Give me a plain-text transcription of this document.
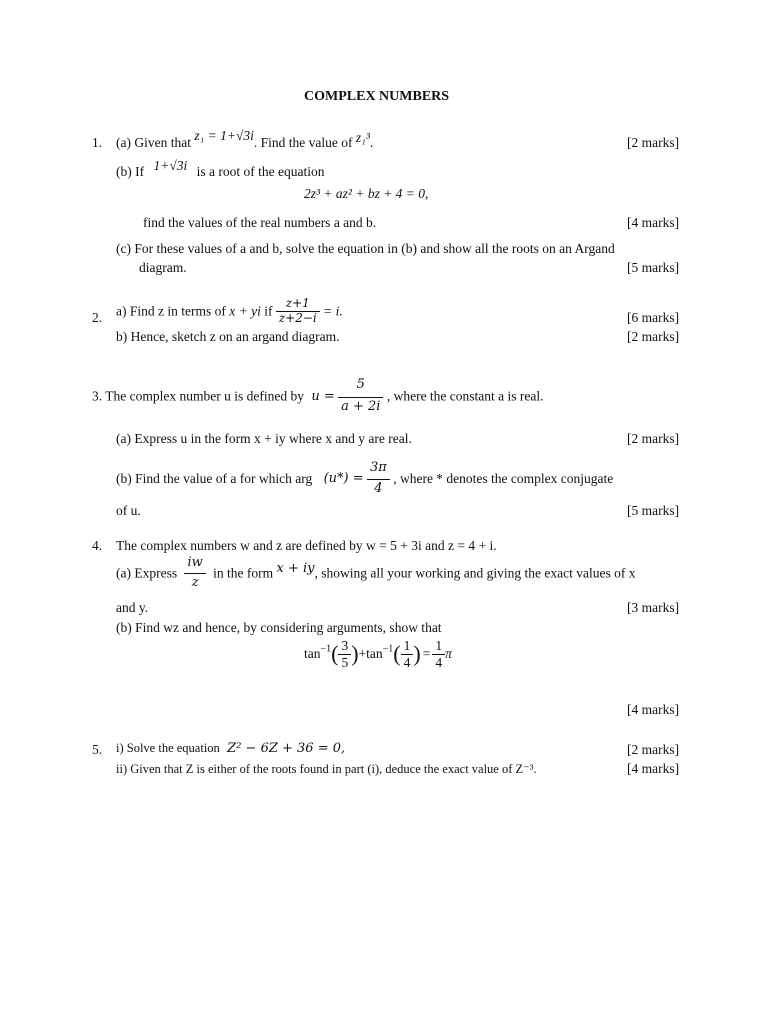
COMPLEX NUMBERS
1. (a) Given that z₁ = 1+√3i. Find the value of z₁³.	[2 marks]
(b) If 1+√3i is a root of the equation
2z³ + az² + bz + 4 = 0,
find the values of the real numbers a and b.	[4 marks]
(c) For these values of a and b, solve the equation in (b) and show all the roots on an Argand
diagram.	[5 marks]
2. a) Find z in terms of x + yi if $\frac{z+1}{z+2-i} = i$.	[6 marks]
b) Hence, sketch z on an argand diagram.	[2 marks]
3. The complex number u is defined by $u = \frac{5}{a + 2i}$ , where the constant a is real.
(a) Express u in the form x + iy where x and y are real.	[2 marks]
(b) Find the value of a for which arg $(u*) = \frac{3\pi}{4}$ , where * denotes the complex conjugate
of u.	[5 marks]
4. The complex numbers w and z are defined by w = 5 + 3i and z = 4 + i.
(a) Express $\frac{iw}{z}$ in the form x + iy, showing all your working and giving the exact values of x
and y.	[3 marks]
(b) Find wz and hence, by considering arguments, show that
$\tan^{-1}( \frac{3}{5} )+\tan^{-1}( \frac{1}{4}$ ) = $\frac{1}{4}$ π
[4 marks]
5. i) Solve the equation Z² − 6Z + 36 = 0,	[2 marks]
ii) Given that Z is either of the roots found in part (i), deduce the exact value of Z⁻³.	[4 marks]
